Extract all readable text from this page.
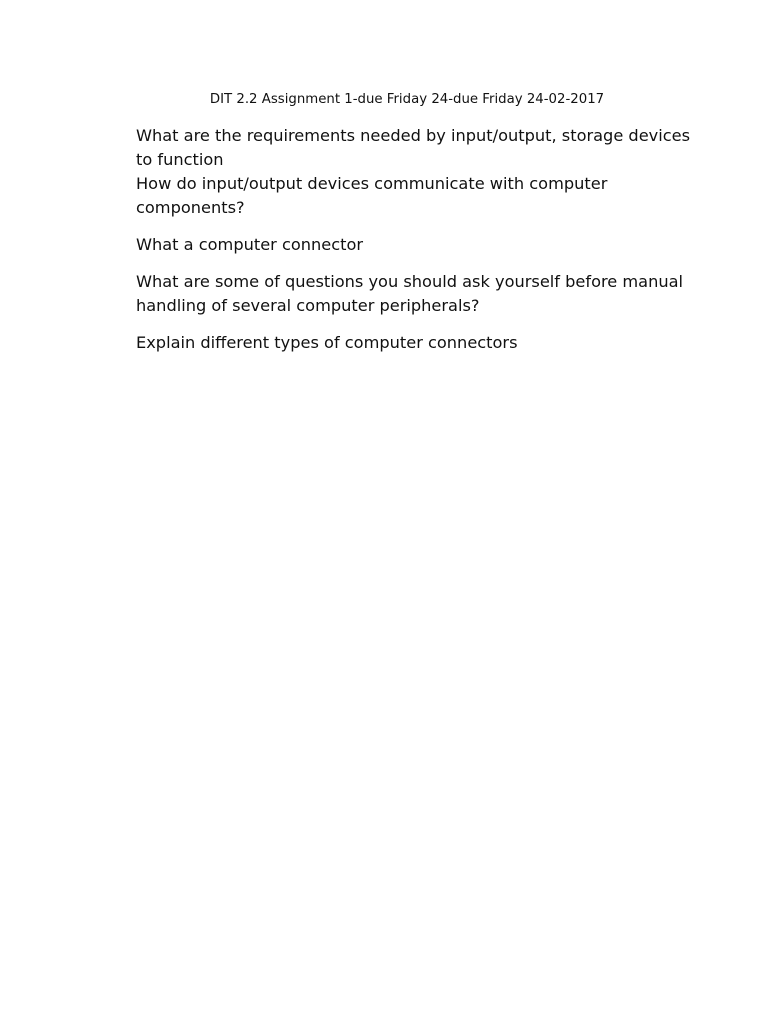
DIT 2.2 Assignment 1-due Friday 24-due Friday 24-02-2017

What are the requirements needed by input/output, storage devices to function

How do input/output devices communicate with computer components?

What a computer connector

What are some of questions you should ask yourself before manual handling of several computer peripherals?

Explain different types of computer connectors
